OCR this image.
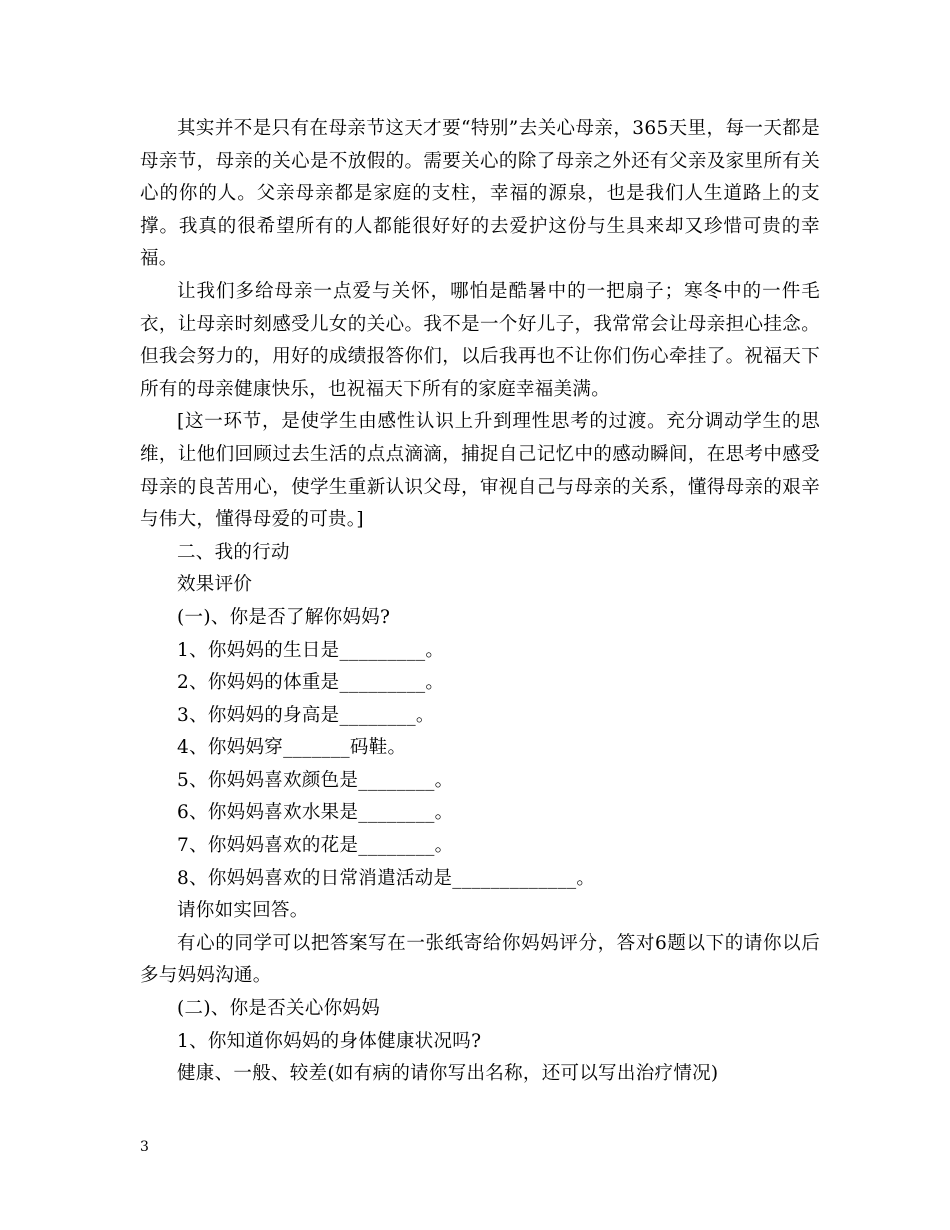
其实并不是只有在母亲节这天才要“特别”去关心母亲，365天里，每一天都是母亲节，母亲的关心是不放假的。需要关心的除了母亲之外还有父亲及家里所有关心的你的人。父亲母亲都是家庭的支柱，幸福的源泉，也是我们人生道路上的支撑。我真的很希望所有的人都能很好好的去爱护这份与生具来却又珍惜可贵的幸福。

让我们多给母亲一点爱与关怀，哪怕是酷暑中的一把扇子；寒冬中的一件毛衣，让母亲时刻感受儿女的关心。我不是一个好儿子，我常常会让母亲担心挂念。但我会努力的，用好的成绩报答你们，以后我再也不让你们伤心牵挂了。祝福天下所有的母亲健康快乐，也祝福天下所有的家庭幸福美满。

[这一环节，是使学生由感性认识上升到理性思考的过渡。充分调动学生的思维，让他们回顾过去生活的点点滴滴，捕捉自己记忆中的感动瞬间，在思考中感受母亲的良苦用心，使学生重新认识父母，审视自己与母亲的关系，懂得母亲的艰辛与伟大，懂得母爱的可贵。]

二、我的行动

效果评价

(一)、你是否了解你妈妈?

1、你妈妈的生日是_________。

2、你妈妈的体重是_________。

3、你妈妈的身高是________。

4、你妈妈穿_______码鞋。

5、你妈妈喜欢颜色是________。

6、你妈妈喜欢水果是________。

7、你妈妈喜欢的花是________。

8、你妈妈喜欢的日常消遣活动是_____________。

请你如实回答。

有心的同学可以把答案写在一张纸寄给你妈妈评分，答对6题以下的请你以后多与妈妈沟通。

(二)、你是否关心你妈妈

1、你知道你妈妈的身体健康状况吗?

健康、一般、较差(如有病的请你写出名称，还可以写出治疗情况)

3
